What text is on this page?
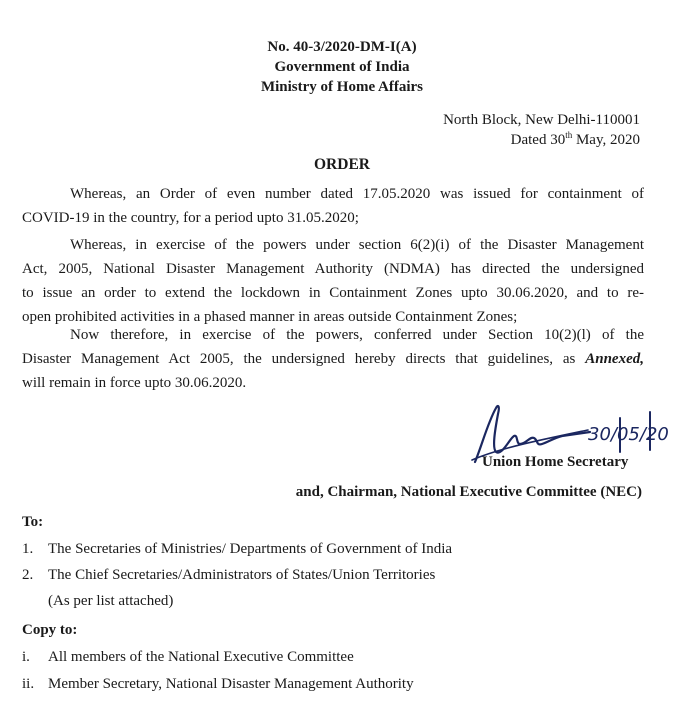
No. 40-3/2020-DM-I(A)
Government of India
Ministry of Home Affairs
North Block, New Delhi-110001
Dated 30th May, 2020
ORDER
Whereas, an Order of even number dated 17.05.2020 was issued for containment of
COVID-19 in the country, for a period upto 31.05.2020;
Whereas, in exercise of the powers under section 6(2)(i) of the Disaster Management
Act, 2005, National Disaster Management Authority (NDMA) has directed the undersigned
to issue an order to extend the lockdown in Containment Zones upto 30.06.2020, and to re-
open prohibited activities in a phased manner in areas outside Containment Zones;
Now therefore, in exercise of the powers, conferred under Section 10(2)(l) of the
Disaster Management Act 2005, the undersigned hereby directs that guidelines, as Annexed,
will remain in force upto 30.06.2020.
30/05/20
Union Home Secretary
and, Chairman, National Executive Committee (NEC)
To:
1. The Secretaries of Ministries/ Departments of Government of India
2. The Chief Secretaries/Administrators of States/Union Territories
(As per list attached)
Copy to:
i. All members of the National Executive Committee
ii. Member Secretary, National Disaster Management Authority
